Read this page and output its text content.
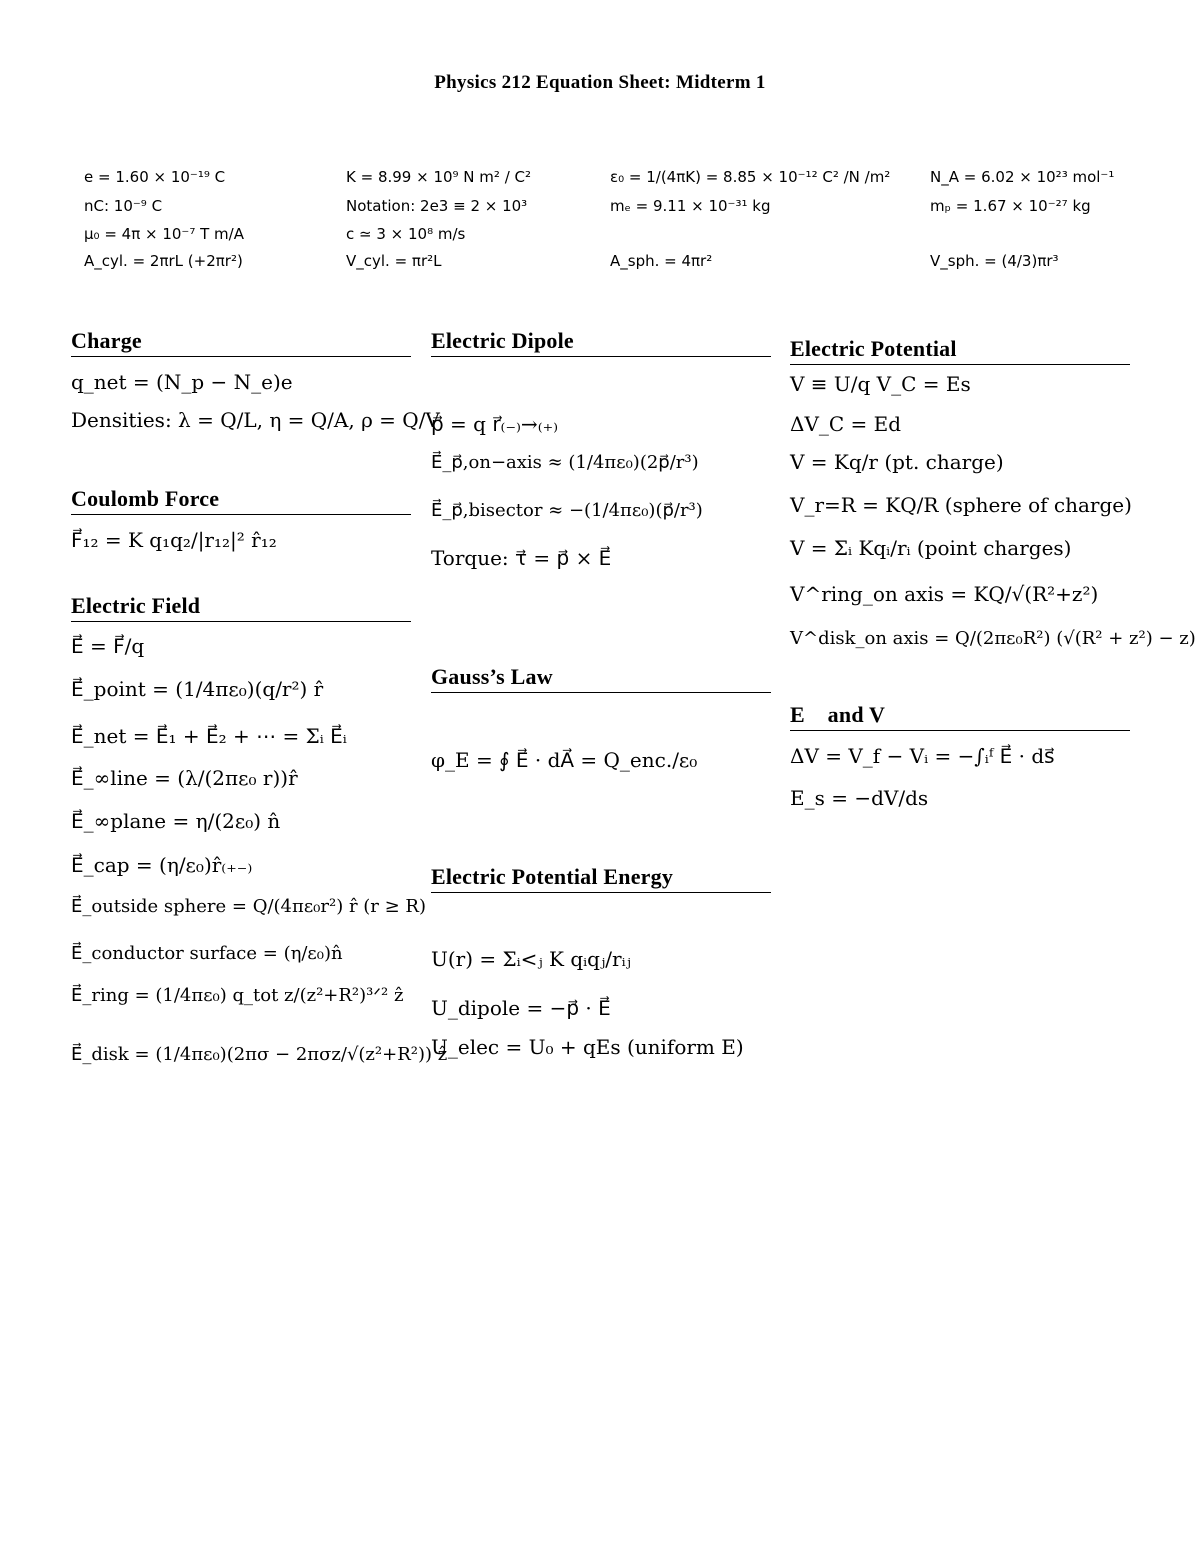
Physics 212 Equation Sheet: Midterm 1
e = 1.60 × 10⁻¹⁹ C	K = 8.99 × 10⁹ N m² / C²	ε₀ = 1/(4πK) = 8.85 × 10⁻¹² C² /N /m²	N_A = 6.02 × 10²³ mol⁻¹
nC: 10⁻⁹ C	Notation: 2e3 ≡ 2 × 10³	mₑ = 9.11 × 10⁻³¹ kg	mₚ = 1.67 × 10⁻²⁷ kg
μ₀ = 4π × 10⁻⁷ T m/A	c ≃ 3 × 10⁸ m/s
A_cyl. = 2πrL (+2πr²)	V_cyl. = πr²L	A_sph. = 4πr²	V_sph. = (4/3)πr³
Charge
q_net = (N_p − N_e)e
Densities: λ = Q/L, η = Q/A, ρ = Q/V
Coulomb Force
F⃗₁₂ = K q₁q₂/|r₁₂|² r̂₁₂
Electric Field
E⃗ = F⃗/q
E⃗_point = (1/4πε₀)(q/r²) r̂
E⃗_net = E⃗₁ + E⃗₂ + ⋯ = Σᵢ E⃗ᵢ
E⃗_∞line = (λ/(2πε₀ r))r̂
E⃗_∞plane = η/(2ε₀) n̂
E⃗_cap = (η/ε₀)r̂₍₊₋₎
E⃗_outside sphere = Q/(4πε₀r²) r̂ (r ≥ R)
E⃗_conductor surface = (η/ε₀)n̂
E⃗_ring = (1/4πε₀) q_tot z/(z²+R²)³ᐟ² ẑ
E⃗_disk = (1/4πε₀)(2πσ − 2πσz/√(z²+R²)) ẑ
Electric Dipole
p⃗ = q r⃗₍₋₎→₍₊₎
E⃗_p⃗,on−axis ≈ (1/4πε₀)(2p⃗/r³)
E⃗_p⃗,bisector ≈ −(1/4πε₀)(p⃗/r³)
Torque: τ⃗ = p⃗ × E⃗
Gauss’s Law
φ_E = ∮ E⃗ · dA⃗ = Q_enc./ε₀
Electric Potential Energy
U(r) = Σᵢ<ⱼ K qᵢqⱼ/rᵢⱼ
U_dipole = −p⃗ · E⃗
U_elec = U₀ + qEs (uniform E)
Electric Potential
V ≡ U/q V_C = Es
ΔV_C = Ed
V = Kq/r (pt. charge)
V_r=R = KQ/R (sphere of charge)
V = Σᵢ Kqᵢ/rᵢ (point charges)
V^ring_on axis = KQ/√(R²+z²)
V^disk_on axis = Q/(2πε₀R²) (√(R² + z²) − z)
E⃗ and V
ΔV = V_f − Vᵢ = −∫ᵢᶠ E⃗ · ds⃗
E_s = −dV/ds
